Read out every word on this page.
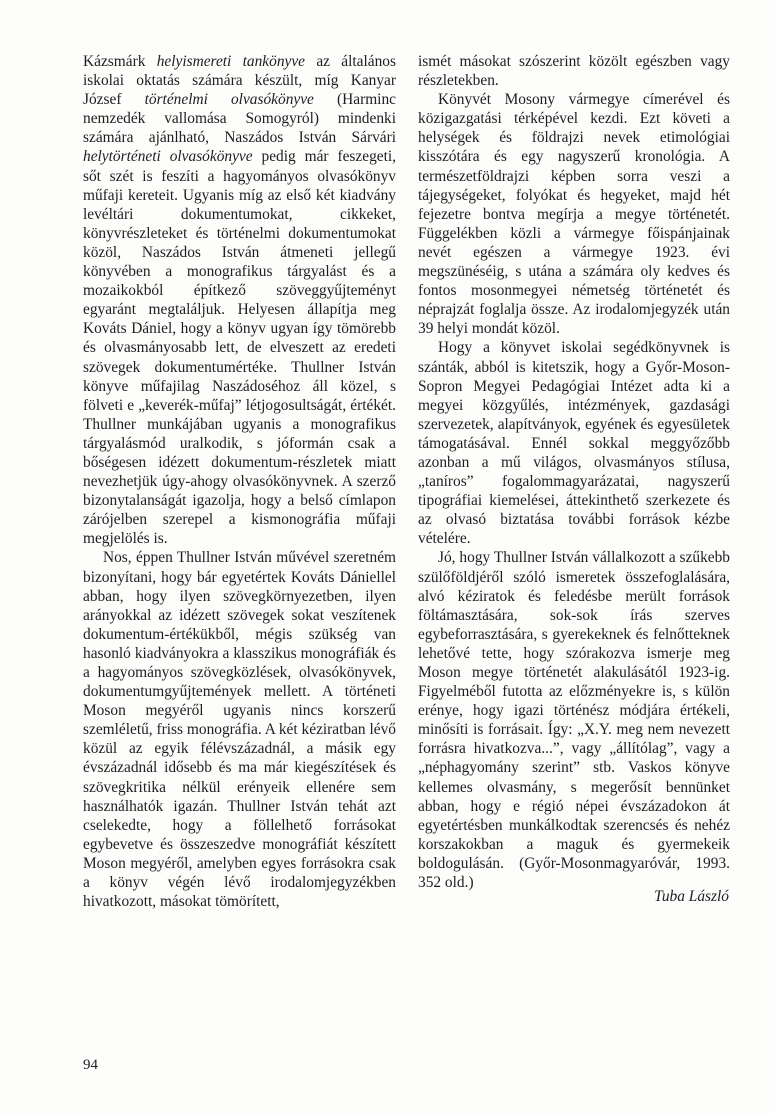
Kázsmárk helyismereti tankönyve az általános iskolai oktatás számára készült, míg Kanyar József történelmi olvasókönyve (Harminc nemzedék vallomása Somogyról) mindenki számára ajánlható, Naszádos István Sárvári helytörténeti olvasókönyve pedig már feszegeti, sőt szét is feszíti a hagyományos olvasókönyv műfaji kereteit. Ugyanis míg az első két kiadvány levéltári dokumentumokat, cikkeket, könyvrészleteket és történelmi dokumentumokat közöl, Naszádos István átmeneti jellegű könyvében a monografikus tárgyalást és a mozaikokból építkező szöveggyűjteményt egyaránt megtaláljuk. Helyesen állapítja meg Kováts Dániel, hogy a könyv ugyan így tömörebb és olvasmányosabb lett, de elveszett az eredeti szövegek dokumentumértéke. Thullner István könyve műfajilag Naszádoséhoz áll közel, s fölveti e „keverék-műfaj” létjogosultságát, értékét. Thullner munkájában ugyanis a monografikus tárgyalásmód uralkodik, s jóformán csak a bőségesen idézett dokumentum-részletek miatt nevezhetjük úgy-ahogy olvasókönyvnek. A szerző bizonytalanságát igazolja, hogy a belső címlapon zárójelben szerepel a kismonográfia műfaji megjelölés is.

Nos, éppen Thullner István művével szeretném bizonyítani, hogy bár egyetértek Kováts Dániellel abban, hogy ilyen szövegkörnyezetben, ilyen arányokkal az idézett szövegek sokat veszítenek dokumentum-értékükből, mégis szükség van hasonló kiadványokra a klasszikus monográfiák és a hagyományos szövegközlések, olvasókönyvek, dokumentumgyűjtemények mellett. A történeti Moson megyéről ugyanis nincs korszerű szemléletű, friss monográfia. A két kéziratban lévő közül az egyik félévszázadnál, a másik egy évszázadnál idősebb és ma már kiegészítések és szövegkritika nélkül erényeik ellenére sem használhatók igazán. Thullner István tehát azt cselekedte, hogy a föllelhető forrásokat egybevetve és összeszedve monográfiát készített Moson megyéről, amelyben egyes forrásokra csak a könyv végén lévő irodalomjegyzékben hivatkozott, másokat tömörített,

ismét másokat szószerint közölt egészben vagy részletekben.

Könyvét Mosony vármegye címerével és közigazgatási térképével kezdi. Ezt követi a helységek és földrajzi nevek etimológiai kisszótára és egy nagyszerű kronológia. A természetföldrajzi képben sorra veszi a tájegységeket, folyókat és hegyeket, majd hét fejezetre bontva megírja a megye történetét. Függelékben közli a vármegye főispánjainak nevét egészen a vármegye 1923. évi megszünéséig, s utána a számára oly kedves és fontos mosonmegyei németség történetét és néprajzát foglalja össze. Az irodalomjegyzék után 39 helyi mondát közöl.

Hogy a könyvet iskolai segédkönyvnek is szánták, abból is kitetszik, hogy a Győr-Moson-Sopron Megyei Pedagógiai Intézet adta ki a megyei közgyűlés, intézmények, gazdasági szervezetek, alapítványok, egyének és egyesületek támogatásával. Ennél sokkal meggyőzőbb azonban a mű világos, olvasmányos stílusa, „taníros” fogalommagyarázatai, nagyszerű tipográfiai kiemelései, áttekinthető szerkezete és az olvasó biztatása további források kézbe vételére.

Jó, hogy Thullner István vállalkozott a szűkebb szülőföldjéről szóló ismeretek összefoglalására, alvó kéziratok és feledésbe merült források föltámasztására, sok-sok írás szerves egybeforrasztására, s gyerekeknek és felnőtteknek lehetővé tette, hogy szórakozva ismerje meg Moson megye történetét alakulásától 1923-ig. Figyelméből futotta az előzményekre is, s külön erénye, hogy igazi történész módjára értékeli, minősíti is forrásait. Így: „X.Y. meg nem nevezett forrásra hivatkozva...”, vagy „állítólag”, vagy a „néphagyomány szerint” stb. Vaskos könyve kellemes olvasmány, s megerősít bennünket abban, hogy e régió népei évszázadokon át egyetértésben munkálkodtak szerencsés és nehéz korszakokban a maguk és gyermekeik boldogulásán. (Győr-Mosonmagyaróvár, 1993. 352 old.)

Tuba László
94
